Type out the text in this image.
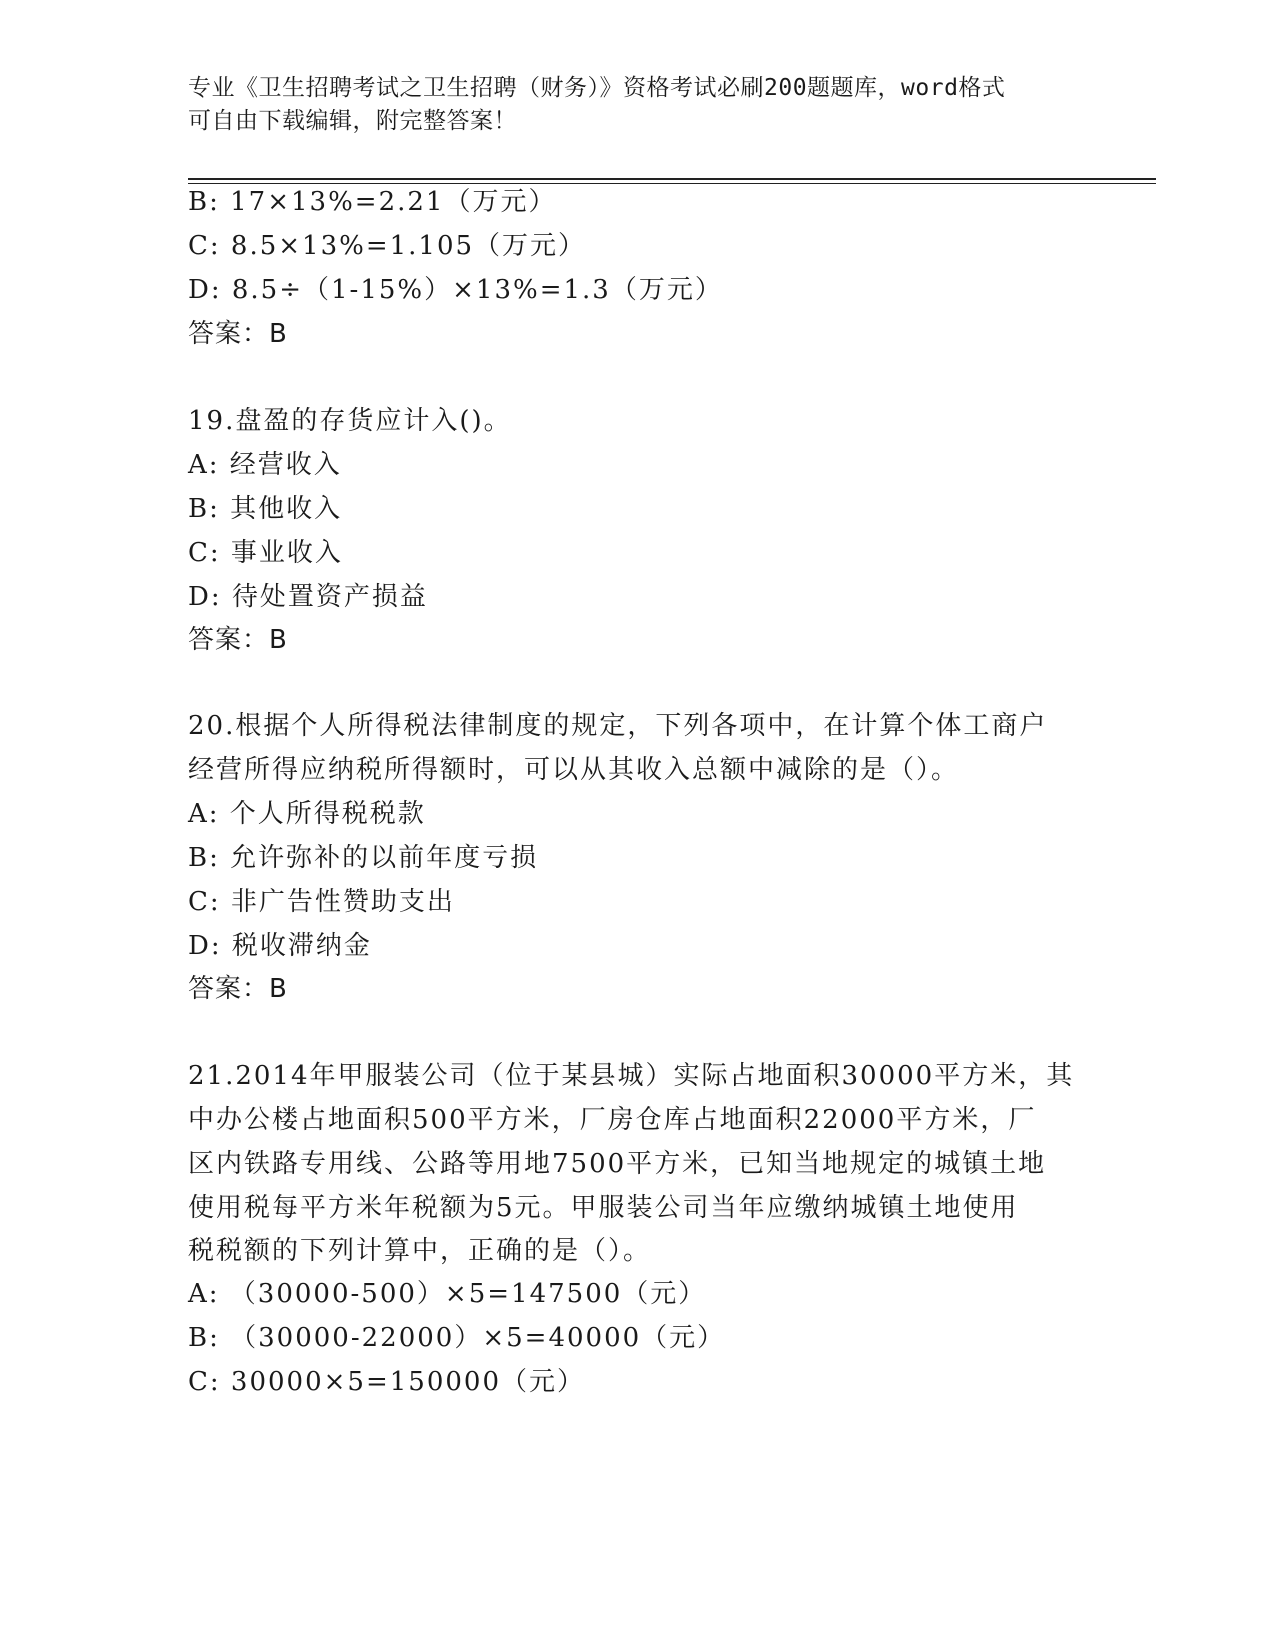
专业《卫生招聘考试之卫生招聘（财务）》资格考试必刷200题题库，word格式
可自由下载编辑，附完整答案！
B: 17×13%=2.21（万元）
C: 8.5×13%=1.105（万元）
D: 8.5÷（1-15%）×13%=1.3（万元）
答案：B
19.盘盈的存货应计入()。
A: 经营收入
B: 其他收入
C: 事业收入
D: 待处置资产损益
答案：B
20.根据个人所得税法律制度的规定，下列各项中，在计算个体工商户
经营所得应纳税所得额时，可以从其收入总额中减除的是（）。
A: 个人所得税税款
B: 允许弥补的以前年度亏损
C: 非广告性赞助支出
D: 税收滞纳金
答案：B
21.2014年甲服装公司（位于某县城）实际占地面积30000平方米，其
中办公楼占地面积500平方米，厂房仓库占地面积22000平方米，厂
区内铁路专用线、公路等用地7500平方米，已知当地规定的城镇土地
使用税每平方米年税额为5元。甲服装公司当年应缴纳城镇土地使用
税税额的下列计算中，正确的是（）。
A: （30000-500）×5=147500（元）
B: （30000-22000）×5=40000（元）
C: 30000×5=150000（元）
